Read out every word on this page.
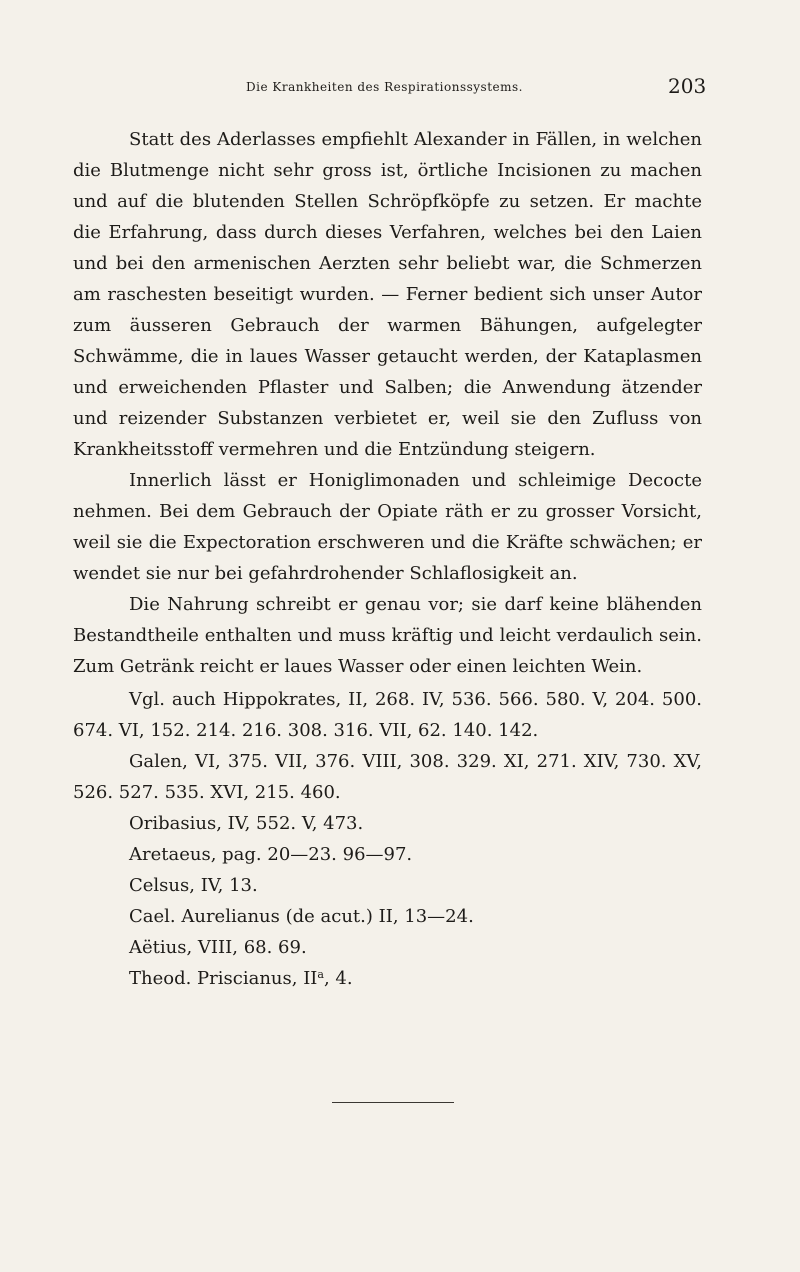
Die Krankheiten des Respirationssystems.	203

Statt des Aderlasses empfiehlt Alexander in Fällen, in welchen die Blutmenge nicht sehr gross ist, örtliche Incisionen zu machen und auf die blutenden Stellen Schröpfköpfe zu setzen. Er machte die Erfahrung, dass durch dieses Verfahren, welches bei den Laien und bei den armenischen Aerzten sehr beliebt war, die Schmerzen am raschesten beseitigt wurden. — Ferner bedient sich unser Autor zum äusseren Gebrauch der warmen Bähungen, aufgelegter Schwämme, die in laues Wasser getaucht werden, der Kataplasmen und erweichenden Pflaster und Salben; die Anwendung ätzender und reizender Substanzen verbietet er, weil sie den Zufluss von Krankheitsstoff vermehren und die Entzündung steigern.

Innerlich lässt er Honiglimonaden und schleimige Decocte nehmen. Bei dem Gebrauch der Opiate räth er zu grosser Vorsicht, weil sie die Expectoration erschweren und die Kräfte schwächen; er wendet sie nur bei gefahrdrohender Schlaflosigkeit an.

Die Nahrung schreibt er genau vor; sie darf keine blähenden Bestandtheile enthalten und muss kräftig und leicht verdaulich sein. Zum Getränk reicht er laues Wasser oder einen leichten Wein.

Vgl. auch Hippokrates, II, 268. IV, 536. 566. 580. V, 204. 500. 674. VI, 152. 214. 216. 308. 316. VII, 62. 140. 142.

Galen, VI, 375. VII, 376. VIII, 308. 329. XI, 271. XIV, 730. XV, 526. 527. 535. XVI, 215. 460.

Oribasius, IV, 552. V, 473.

Aretaeus, pag. 20—23. 96—97.

Celsus, IV, 13.

Cael. Aurelianus (de acut.) II, 13—24.

Aëtius, VIII, 68. 69.

Theod. Priscianus, $II^a$, 4.
